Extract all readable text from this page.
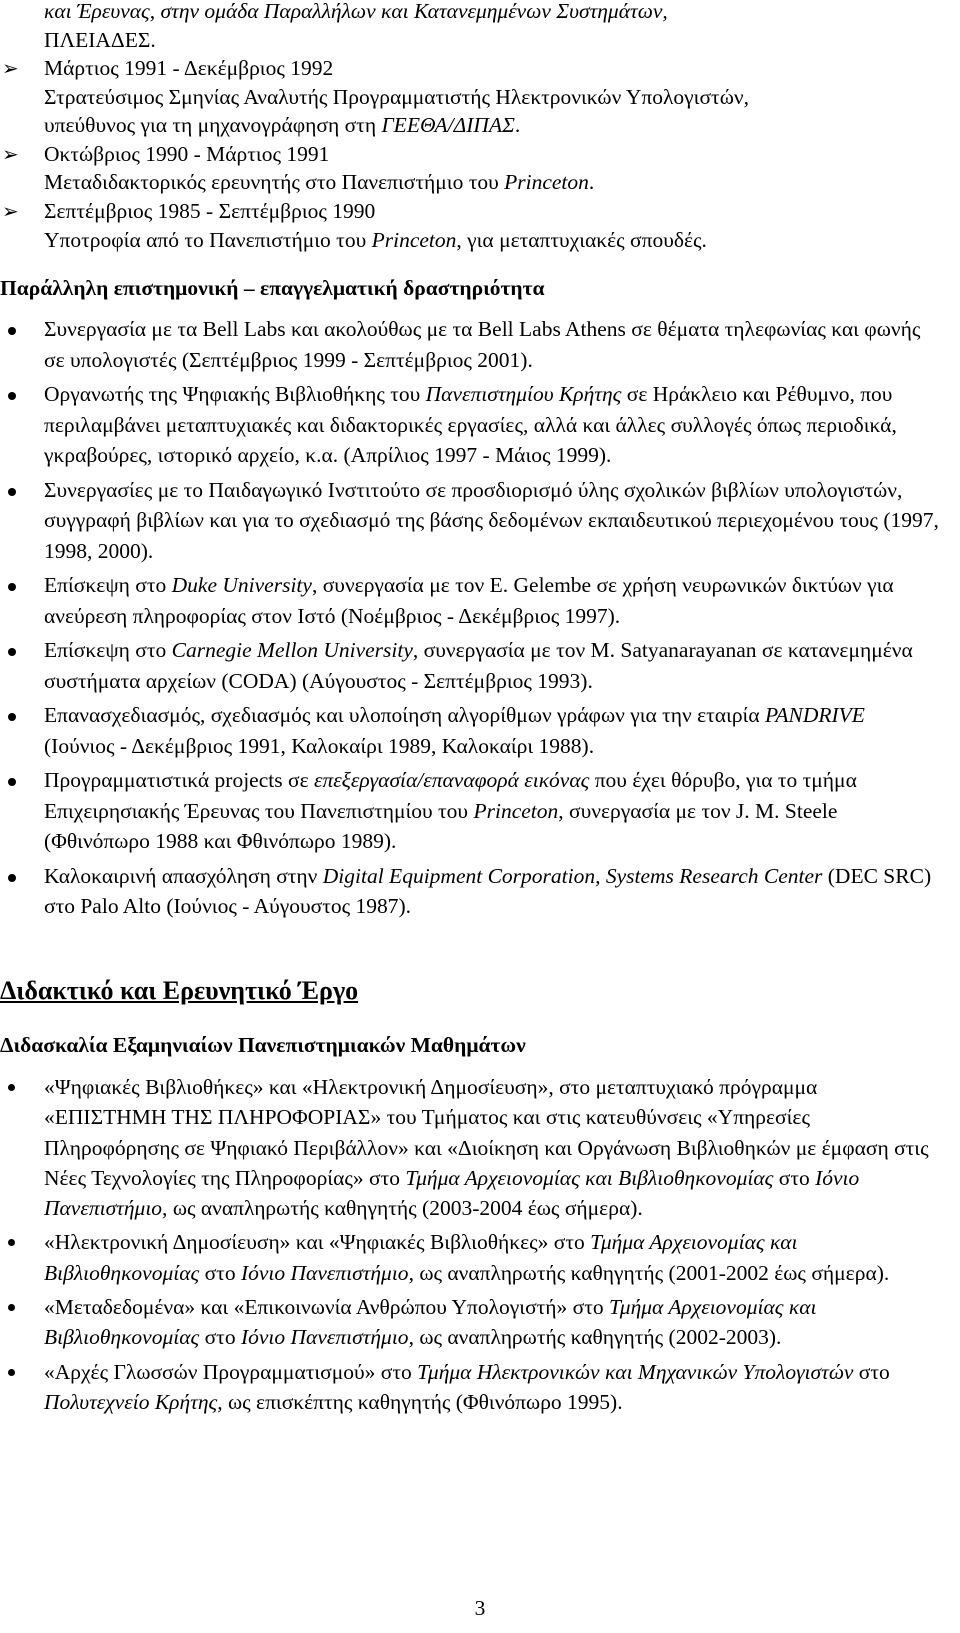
και Έρευνας, στην ομάδα Παραλλήλων και Κατανεμημένων Συστημάτων,
ΠΛΕΙΑΔΕΣ.
➢ Μάρτιος 1991 - Δεκέμβριος 1992
Στρατεύσιμος Σμηνίας Αναλυτής Προγραμματιστής Ηλεκτρονικών Υπολογιστών,
υπεύθυνος για τη μηχανογράφηση στη ΓΕΕΘΑ/ΔΙΠΑΣ.
➢ Οκτώβριος 1990 - Μάρτιος 1991
Μεταδιδακτορικός ερευνητής στο Πανεπιστήμιο του Princeton.
➢ Σεπτέμβριος 1985 - Σεπτέμβριος 1990
Υποτροφία από το Πανεπιστήμιο του Princeton, για μεταπτυχιακές σπουδές.
Παράλληλη επιστημονική – επαγγελματική δραστηριότητα
Συνεργασία με τα Bell Labs και ακολούθως με τα Bell Labs Athens σε θέματα τηλεφωνίας και φωνής σε υπολογιστές (Σεπτέμβριος 1999 - Σεπτέμβριος 2001).
Οργανωτής της Ψηφιακής Βιβλιοθήκης του Πανεπιστημίου Κρήτης σε Ηράκλειο και Ρέθυμνο, που περιλαμβάνει μεταπτυχιακές και διδακτορικές εργασίες, αλλά και άλλες συλλογές όπως περιοδικά, γκραβούρες, ιστορικό αρχείο, κ.α. (Απρίλιος 1997 - Μάιος 1999).
Συνεργασίες με το Παιδαγωγικό Ινστιτούτο σε προσδιορισμό ύλης σχολικών βιβλίων υπολογιστών, συγγραφή βιβλίων και για το σχεδιασμό της βάσης δεδομένων εκπαιδευτικού περιεχομένου τους (1997, 1998, 2000).
Επίσκεψη στο Duke University, συνεργασία με τον E. Gelembe σε χρήση νευρωνικών δικτύων για ανεύρεση πληροφορίας στον Ιστό (Νοέμβριος - Δεκέμβριος 1997).
Επίσκεψη στο Carnegie Mellon University, συνεργασία με τον M. Satyanarayanan σε κατανεμημένα συστήματα αρχείων (CODA) (Αύγουστος - Σεπτέμβριος 1993).
Επανασχεδιασμός, σχεδιασμός και υλοποίηση αλγορίθμων γράφων για την εταιρία PANDRIVE (Ιούνιος - Δεκέμβριος 1991, Καλοκαίρι 1989, Καλοκαίρι 1988).
Προγραμματιστικά projects σε επεξεργασία/επαναφορά εικόνας που έχει θόρυβο, για το τμήμα Επιχειρησιακής Έρευνας του Πανεπιστημίου του Princeton, συνεργασία με τον J. M. Steele (Φθινόπωρο 1988 και Φθινόπωρο 1989).
Καλοκαιρινή απασχόληση στην Digital Equipment Corporation, Systems Research Center (DEC SRC) στο Palo Alto (Ιούνιος - Αύγουστος 1987).
Διδακτικό και Ερευνητικό Έργο
Διδασκαλία Εξαμηνιαίων Πανεπιστημιακών Μαθημάτων
«Ψηφιακές Βιβλιοθήκες» και «Ηλεκτρονική Δημοσίευση», στο μεταπτυχιακό πρόγραμμα «ΕΠΙΣΤΗΜΗ ΤΗΣ ΠΛΗΡΟΦΟΡΙΑΣ» του Τμήματος και στις κατευθύνσεις «Υπηρεσίες Πληροφόρησης σε Ψηφιακό Περιβάλλον» και «Διοίκηση και Οργάνωση Βιβλιοθηκών με έμφαση στις Νέες Τεχνολογίες της Πληροφορίας» στο Τμήμα Αρχειονομίας και Βιβλιοθηκονομίας στο Ιόνιο Πανεπιστήμιο, ως αναπληρωτής καθηγητής (2003-2004 έως σήμερα).
«Ηλεκτρονική Δημοσίευση» και «Ψηφιακές Βιβλιοθήκες» στο Τμήμα Αρχειονομίας και Βιβλιοθηκονομίας στο Ιόνιο Πανεπιστήμιο, ως αναπληρωτής καθηγητής (2001-2002 έως σήμερα).
«Μεταδεδομένα» και «Επικοινωνία Ανθρώπου Υπολογιστή» στο Τμήμα Αρχειονομίας και Βιβλιοθηκονομίας στο Ιόνιο Πανεπιστήμιο, ως αναπληρωτής καθηγητής (2002-2003).
«Αρχές Γλωσσών Προγραμματισμού» στο Τμήμα Ηλεκτρονικών και Μηχανικών Υπολογιστών στο Πολυτεχνείο Κρήτης, ως επισκέπτης καθηγητής (Φθινόπωρο 1995).
3
